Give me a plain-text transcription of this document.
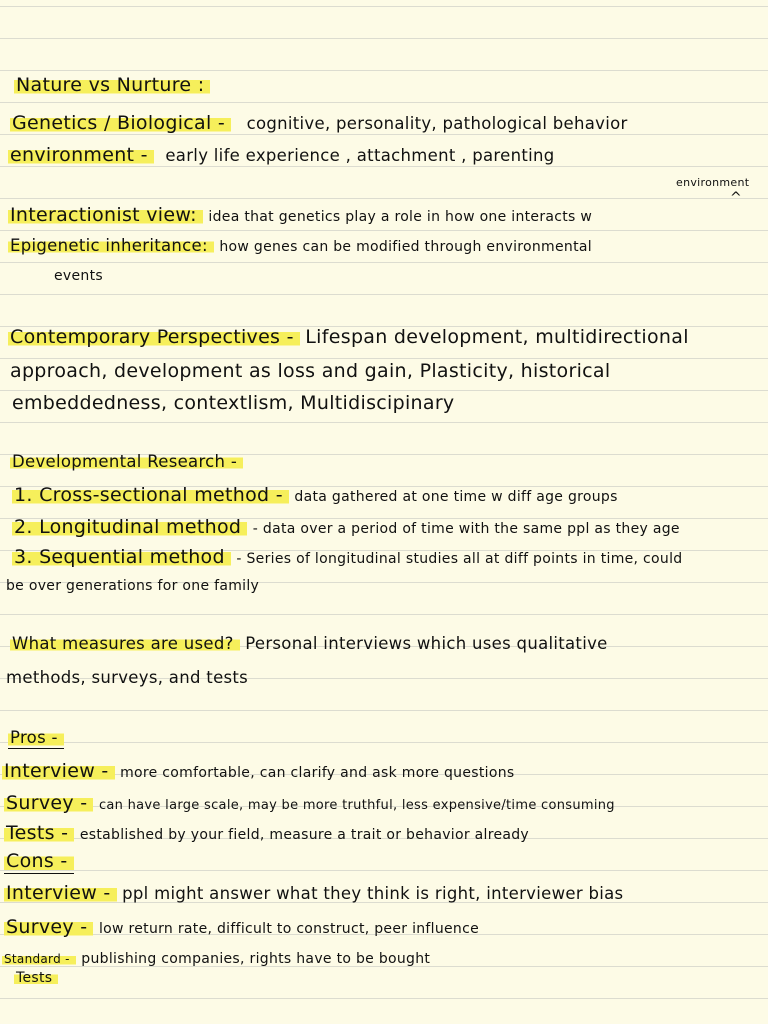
Nature vs Nurture :
Genetics / Biological - cognitive, personality, pathological behavior
environment - early life experience , attachment , parenting
environment
^
Interactionist view: idea that genetics play a role in how one interacts w
Epigenetic inheritance: how genes can be modified through environmental
events
Contemporary Perspectives - Lifespan development, multidirectional
approach, development as loss and gain, Plasticity, historical
embeddedness, contextlism, Multidiscipinary
Developmental Research -
1. Cross-sectional method - data gathered at one time w diff age groups
2. Longitudinal method - data over a period of time with the same ppl as they age
3. Sequential method - Series of longitudinal studies all at diff points in time, could
be over generations for one family
What measures are used? Personal interviews which uses qualitative
methods, surveys, and tests
Pros -
Interview - more comfortable, can clarify and ask more questions
Survey - can have large scale, may be more truthful, less expensive/time consuming
Tests - established by your field, measure a trait or behavior already
Cons -
Interview - ppl might answer what they think is right, interviewer bias
Survey - low return rate, difficult to construct, peer influence
Standard - publishing companies, rights have to be bought
Tests
